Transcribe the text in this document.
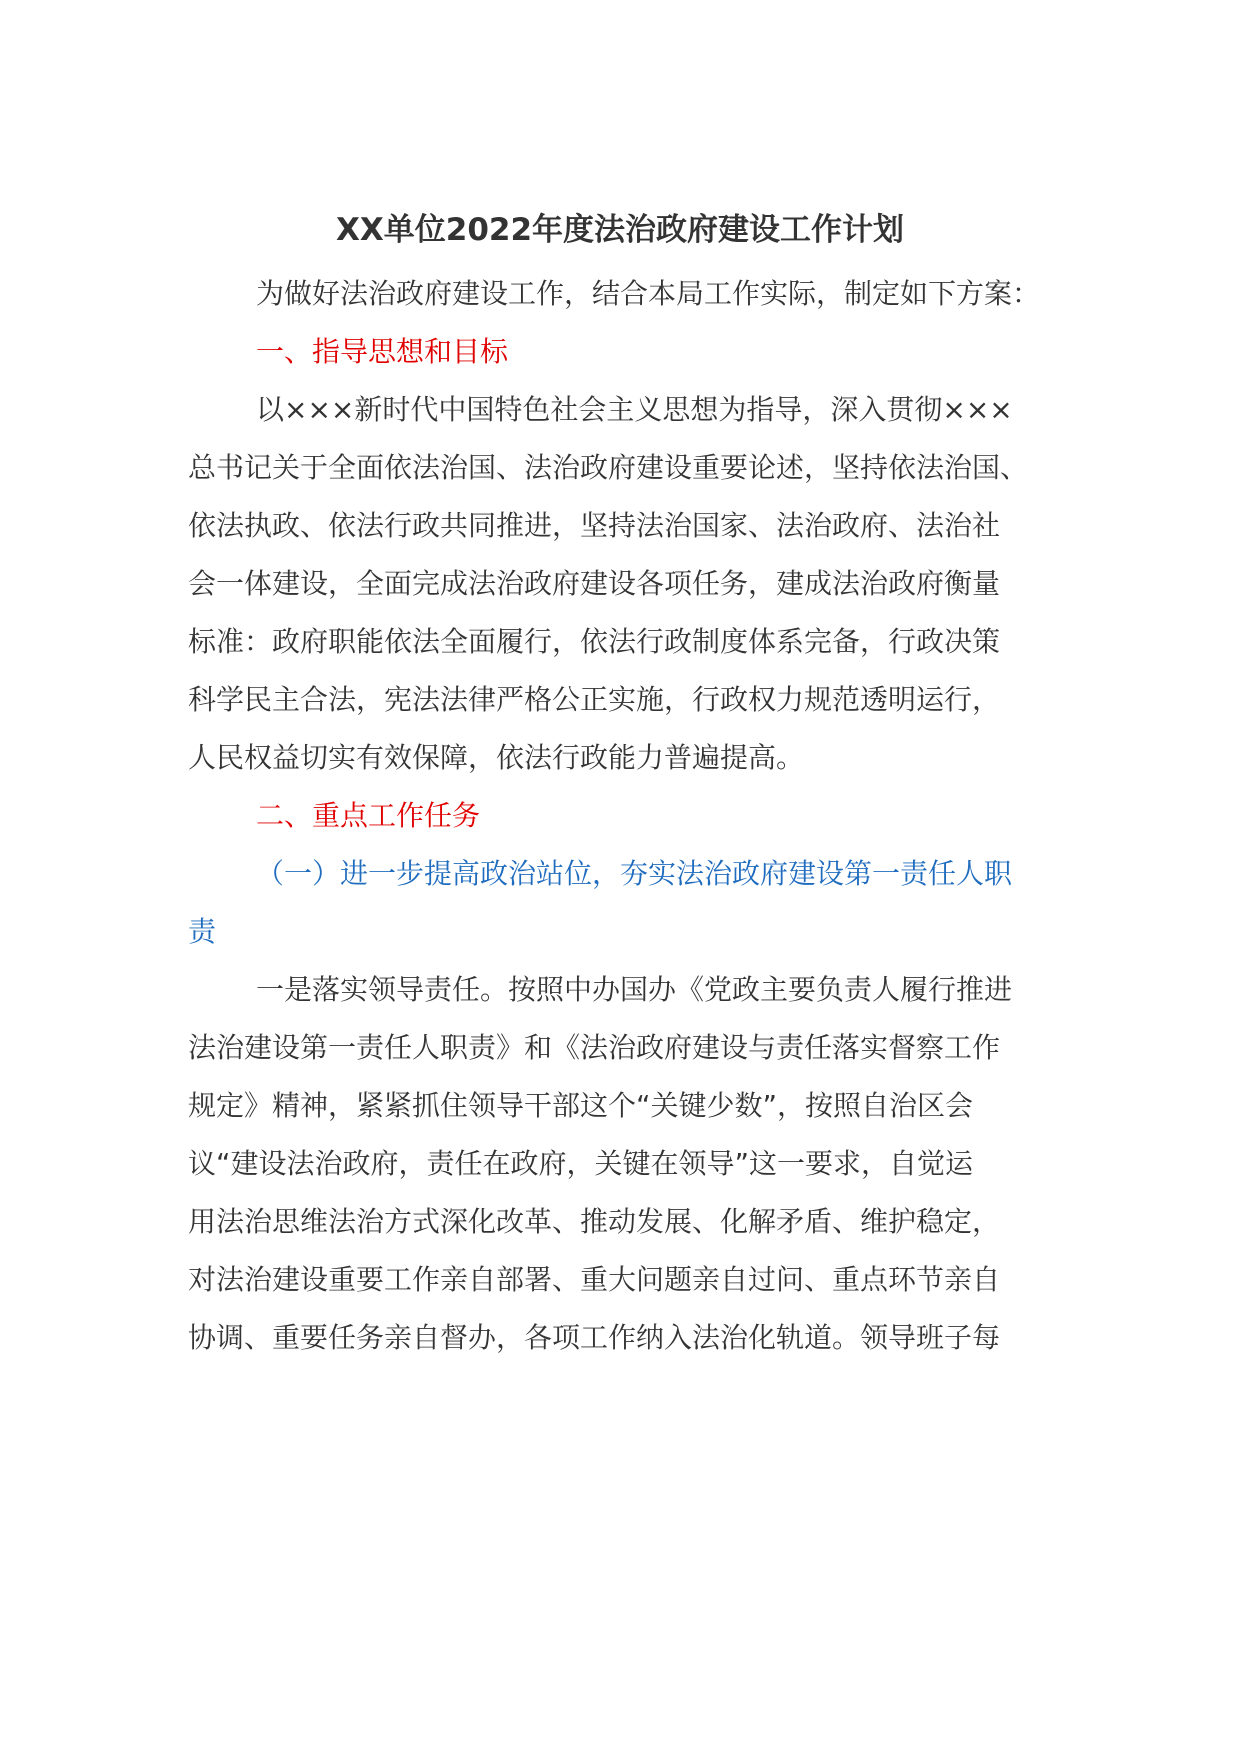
XX单位2022年度法治政府建设工作计划
为做好法治政府建设工作，结合本局工作实际，制定如下方案：
一、指导思想和目标
以×××新时代中国特色社会主义思想为指导，深入贯彻×××
总书记关于全面依法治国、法治政府建设重要论述，坚持依法治国、
依法执政、依法行政共同推进，坚持法治国家、法治政府、法治社
会一体建设，全面完成法治政府建设各项任务，建成法治政府衡量
标准：政府职能依法全面履行，依法行政制度体系完备，行政决策
科学民主合法，宪法法律严格公正实施，行政权力规范透明运行，
人民权益切实有效保障，依法行政能力普遍提高。
二、重点工作任务
（一）进一步提高政治站位，夯实法治政府建设第一责任人职
责
一是落实领导责任。按照中办国办《党政主要负责人履行推进
法治建设第一责任人职责》和《法治政府建设与责任落实督察工作
规定》精神，紧紧抓住领导干部这个“关键少数”，按照自治区会
议“建设法治政府，责任在政府，关键在领导”这一要求，自觉运
用法治思维法治方式深化改革、推动发展、化解矛盾、维护稳定，
对法治建设重要工作亲自部署、重大问题亲自过问、重点环节亲自
协调、重要任务亲自督办，各项工作纳入法治化轨道。领导班子每
